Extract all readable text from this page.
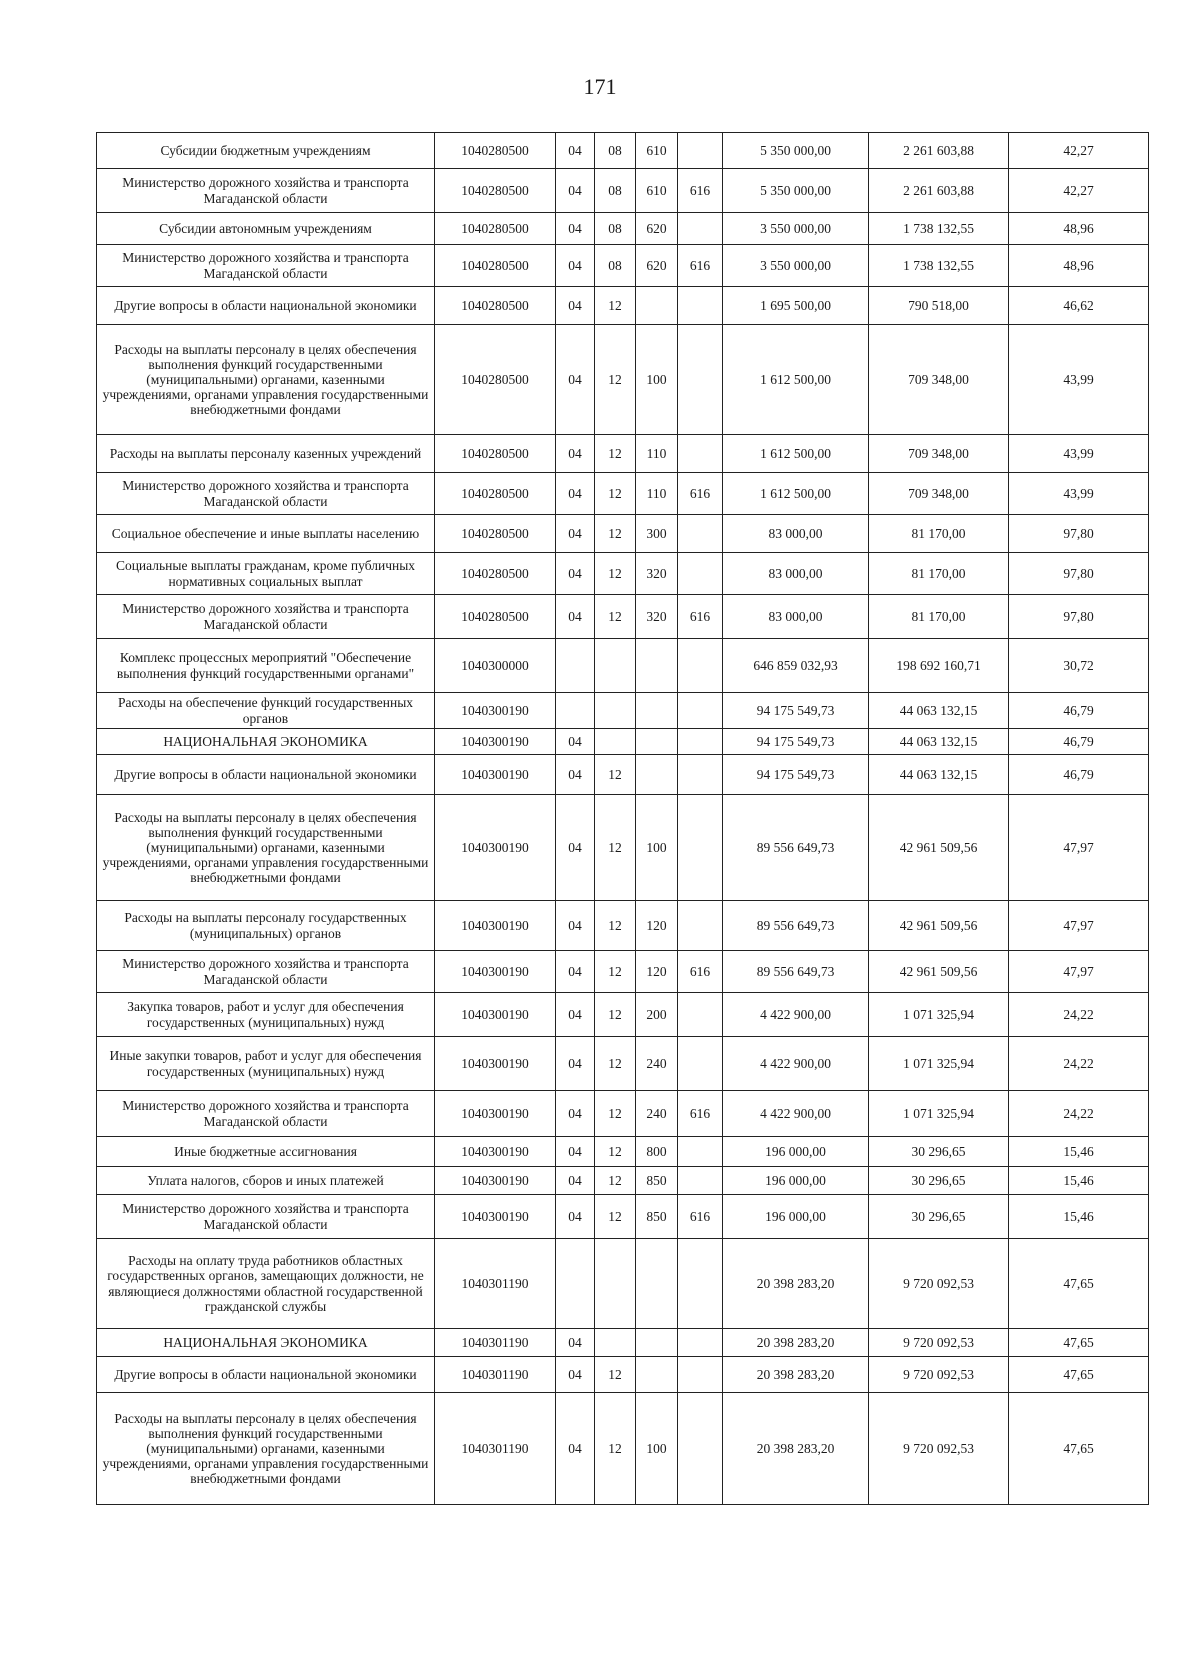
171
Субсидии бюджетным учреждениям	1040280500	04	08	610		5 350 000,00	2 261 603,88	42,27
Министерство дорожного хозяйства и транспорта Магаданской области	1040280500	04	08	610	616	5 350 000,00	2 261 603,88	42,27
Субсидии автономным учреждениям	1040280500	04	08	620		3 550 000,00	1 738 132,55	48,96
Министерство дорожного хозяйства и транспорта Магаданской области	1040280500	04	08	620	616	3 550 000,00	1 738 132,55	48,96
Другие вопросы в области национальной экономики	1040280500	04	12			1 695 500,00	790 518,00	46,62
Расходы на выплаты персоналу в целях обеспечения выполнения функций государственными (муниципальными) органами, казенными учреждениями, органами управления государственными внебюджетными фондами	1040280500	04	12	100		1 612 500,00	709 348,00	43,99
Расходы на выплаты персоналу казенных учреждений	1040280500	04	12	110		1 612 500,00	709 348,00	43,99
Министерство дорожного хозяйства и транспорта Магаданской области	1040280500	04	12	110	616	1 612 500,00	709 348,00	43,99
Социальное обеспечение и иные выплаты населению	1040280500	04	12	300		83 000,00	81 170,00	97,80
Социальные выплаты гражданам, кроме публичных нормативных социальных выплат	1040280500	04	12	320		83 000,00	81 170,00	97,80
Министерство дорожного хозяйства и транспорта Магаданской области	1040280500	04	12	320	616	83 000,00	81 170,00	97,80
Комплекс процессных мероприятий "Обеспечение выполнения функций государственными органами"	1040300000					646 859 032,93	198 692 160,71	30,72
Расходы на обеспечение функций государственных органов	1040300190					94 175 549,73	44 063 132,15	46,79
НАЦИОНАЛЬНАЯ ЭКОНОМИКА	1040300190	04				94 175 549,73	44 063 132,15	46,79
Другие вопросы в области национальной экономики	1040300190	04	12			94 175 549,73	44 063 132,15	46,79
Расходы на выплаты персоналу в целях обеспечения выполнения функций государственными (муниципальными) органами, казенными учреждениями, органами управления государственными внебюджетными фондами	1040300190	04	12	100		89 556 649,73	42 961 509,56	47,97
Расходы на выплаты персоналу государственных (муниципальных) органов	1040300190	04	12	120		89 556 649,73	42 961 509,56	47,97
Министерство дорожного хозяйства и транспорта Магаданской области	1040300190	04	12	120	616	89 556 649,73	42 961 509,56	47,97
Закупка товаров, работ и услуг для обеспечения государственных (муниципальных) нужд	1040300190	04	12	200		4 422 900,00	1 071 325,94	24,22
Иные закупки товаров, работ и услуг для обеспечения государственных (муниципальных) нужд	1040300190	04	12	240		4 422 900,00	1 071 325,94	24,22
Министерство дорожного хозяйства и транспорта Магаданской области	1040300190	04	12	240	616	4 422 900,00	1 071 325,94	24,22
Иные бюджетные ассигнования	1040300190	04	12	800		196 000,00	30 296,65	15,46
Уплата налогов, сборов и иных платежей	1040300190	04	12	850		196 000,00	30 296,65	15,46
Министерство дорожного хозяйства и транспорта Магаданской области	1040300190	04	12	850	616	196 000,00	30 296,65	15,46
Расходы на оплату труда работников областных государственных органов, замещающих должности, не являющиеся должностями областной государственной гражданской службы	1040301190					20 398 283,20	9 720 092,53	47,65
НАЦИОНАЛЬНАЯ ЭКОНОМИКА	1040301190	04				20 398 283,20	9 720 092,53	47,65
Другие вопросы в области национальной экономики	1040301190	04	12			20 398 283,20	9 720 092,53	47,65
Расходы на выплаты персоналу в целях обеспечения выполнения функций государственными (муниципальными) органами, казенными учреждениями, органами управления государственными внебюджетными фондами	1040301190	04	12	100		20 398 283,20	9 720 092,53	47,65
